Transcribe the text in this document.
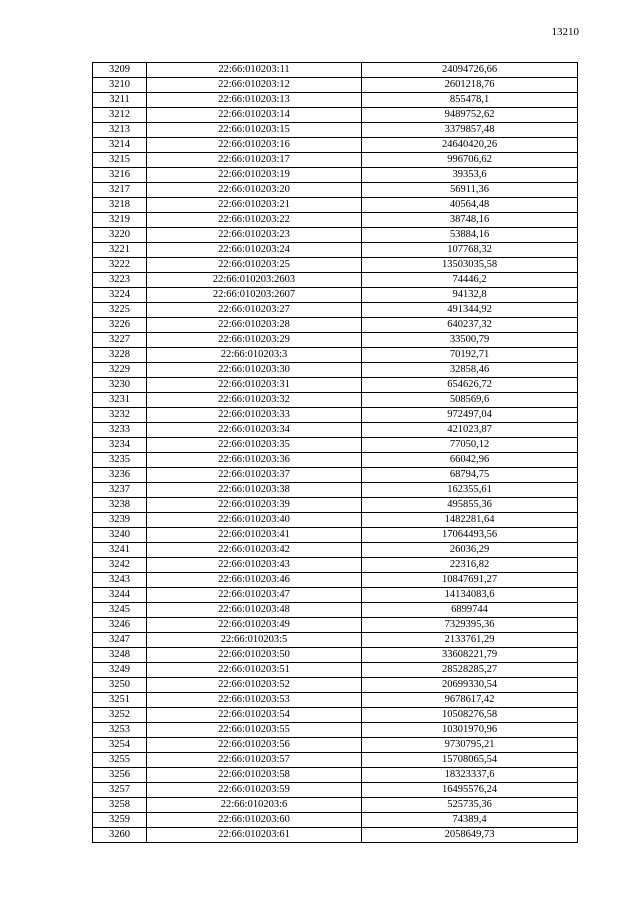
13210
3209	22:66:010203:11	24094726,66
3210	22:66:010203:12	2601218,76
3211	22:66:010203:13	855478,1
3212	22:66:010203:14	9489752,62
3213	22:66:010203:15	3379857,48
3214	22:66:010203:16	24640420,26
3215	22:66:010203:17	996706,62
3216	22:66:010203:19	39353,6
3217	22:66:010203:20	56911,36
3218	22:66:010203:21	40564,48
3219	22:66:010203:22	38748,16
3220	22:66:010203:23	53884,16
3221	22:66:010203:24	107768,32
3222	22:66:010203:25	13503035,58
3223	22:66:010203:2603	74446,2
3224	22:66:010203:2607	94132,8
3225	22:66:010203:27	491344,92
3226	22:66:010203:28	640237,32
3227	22:66:010203:29	33500,79
3228	22:66:010203:3	70192,71
3229	22:66:010203:30	32858,46
3230	22:66:010203:31	654626,72
3231	22:66:010203:32	508569,6
3232	22:66:010203:33	972497,04
3233	22:66:010203:34	421023,87
3234	22:66:010203:35	77050,12
3235	22:66:010203:36	66042,96
3236	22:66:010203:37	68794,75
3237	22:66:010203:38	162355,61
3238	22:66:010203:39	495855,36
3239	22:66:010203:40	1482281,64
3240	22:66:010203:41	17064493,56
3241	22:66:010203:42	26036,29
3242	22:66:010203:43	22316,82
3243	22:66:010203:46	10847691,27
3244	22:66:010203:47	14134083,6
3245	22:66:010203:48	6899744
3246	22:66:010203:49	7329395,36
3247	22:66:010203:5	2133761,29
3248	22:66:010203:50	33608221,79
3249	22:66:010203:51	28528285,27
3250	22:66:010203:52	20699330,54
3251	22:66:010203:53	9678617,42
3252	22:66:010203:54	10508276,58
3253	22:66:010203:55	10301970,96
3254	22:66:010203:56	9730795,21
3255	22:66:010203:57	15708065,54
3256	22:66:010203:58	18323337,6
3257	22:66:010203:59	16495576,24
3258	22:66:010203:6	525735,36
3259	22:66:010203:60	74389,4
3260	22:66:010203:61	2058649,73
